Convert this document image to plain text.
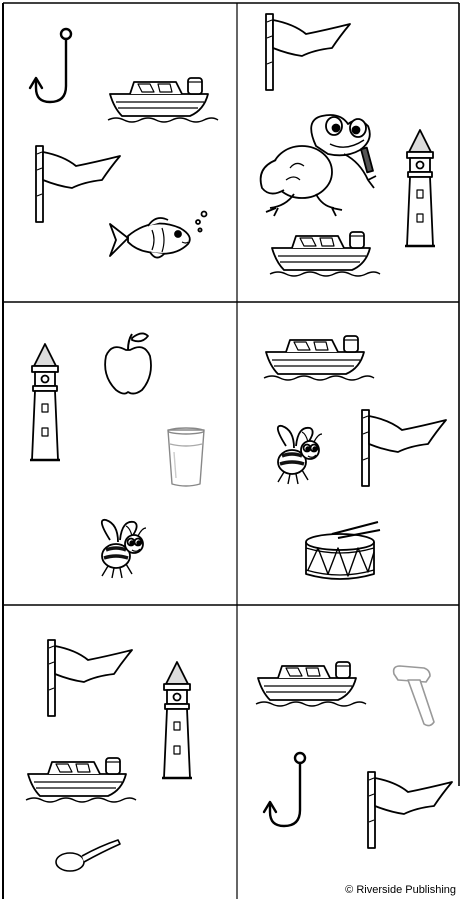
© Riverside Publishing
